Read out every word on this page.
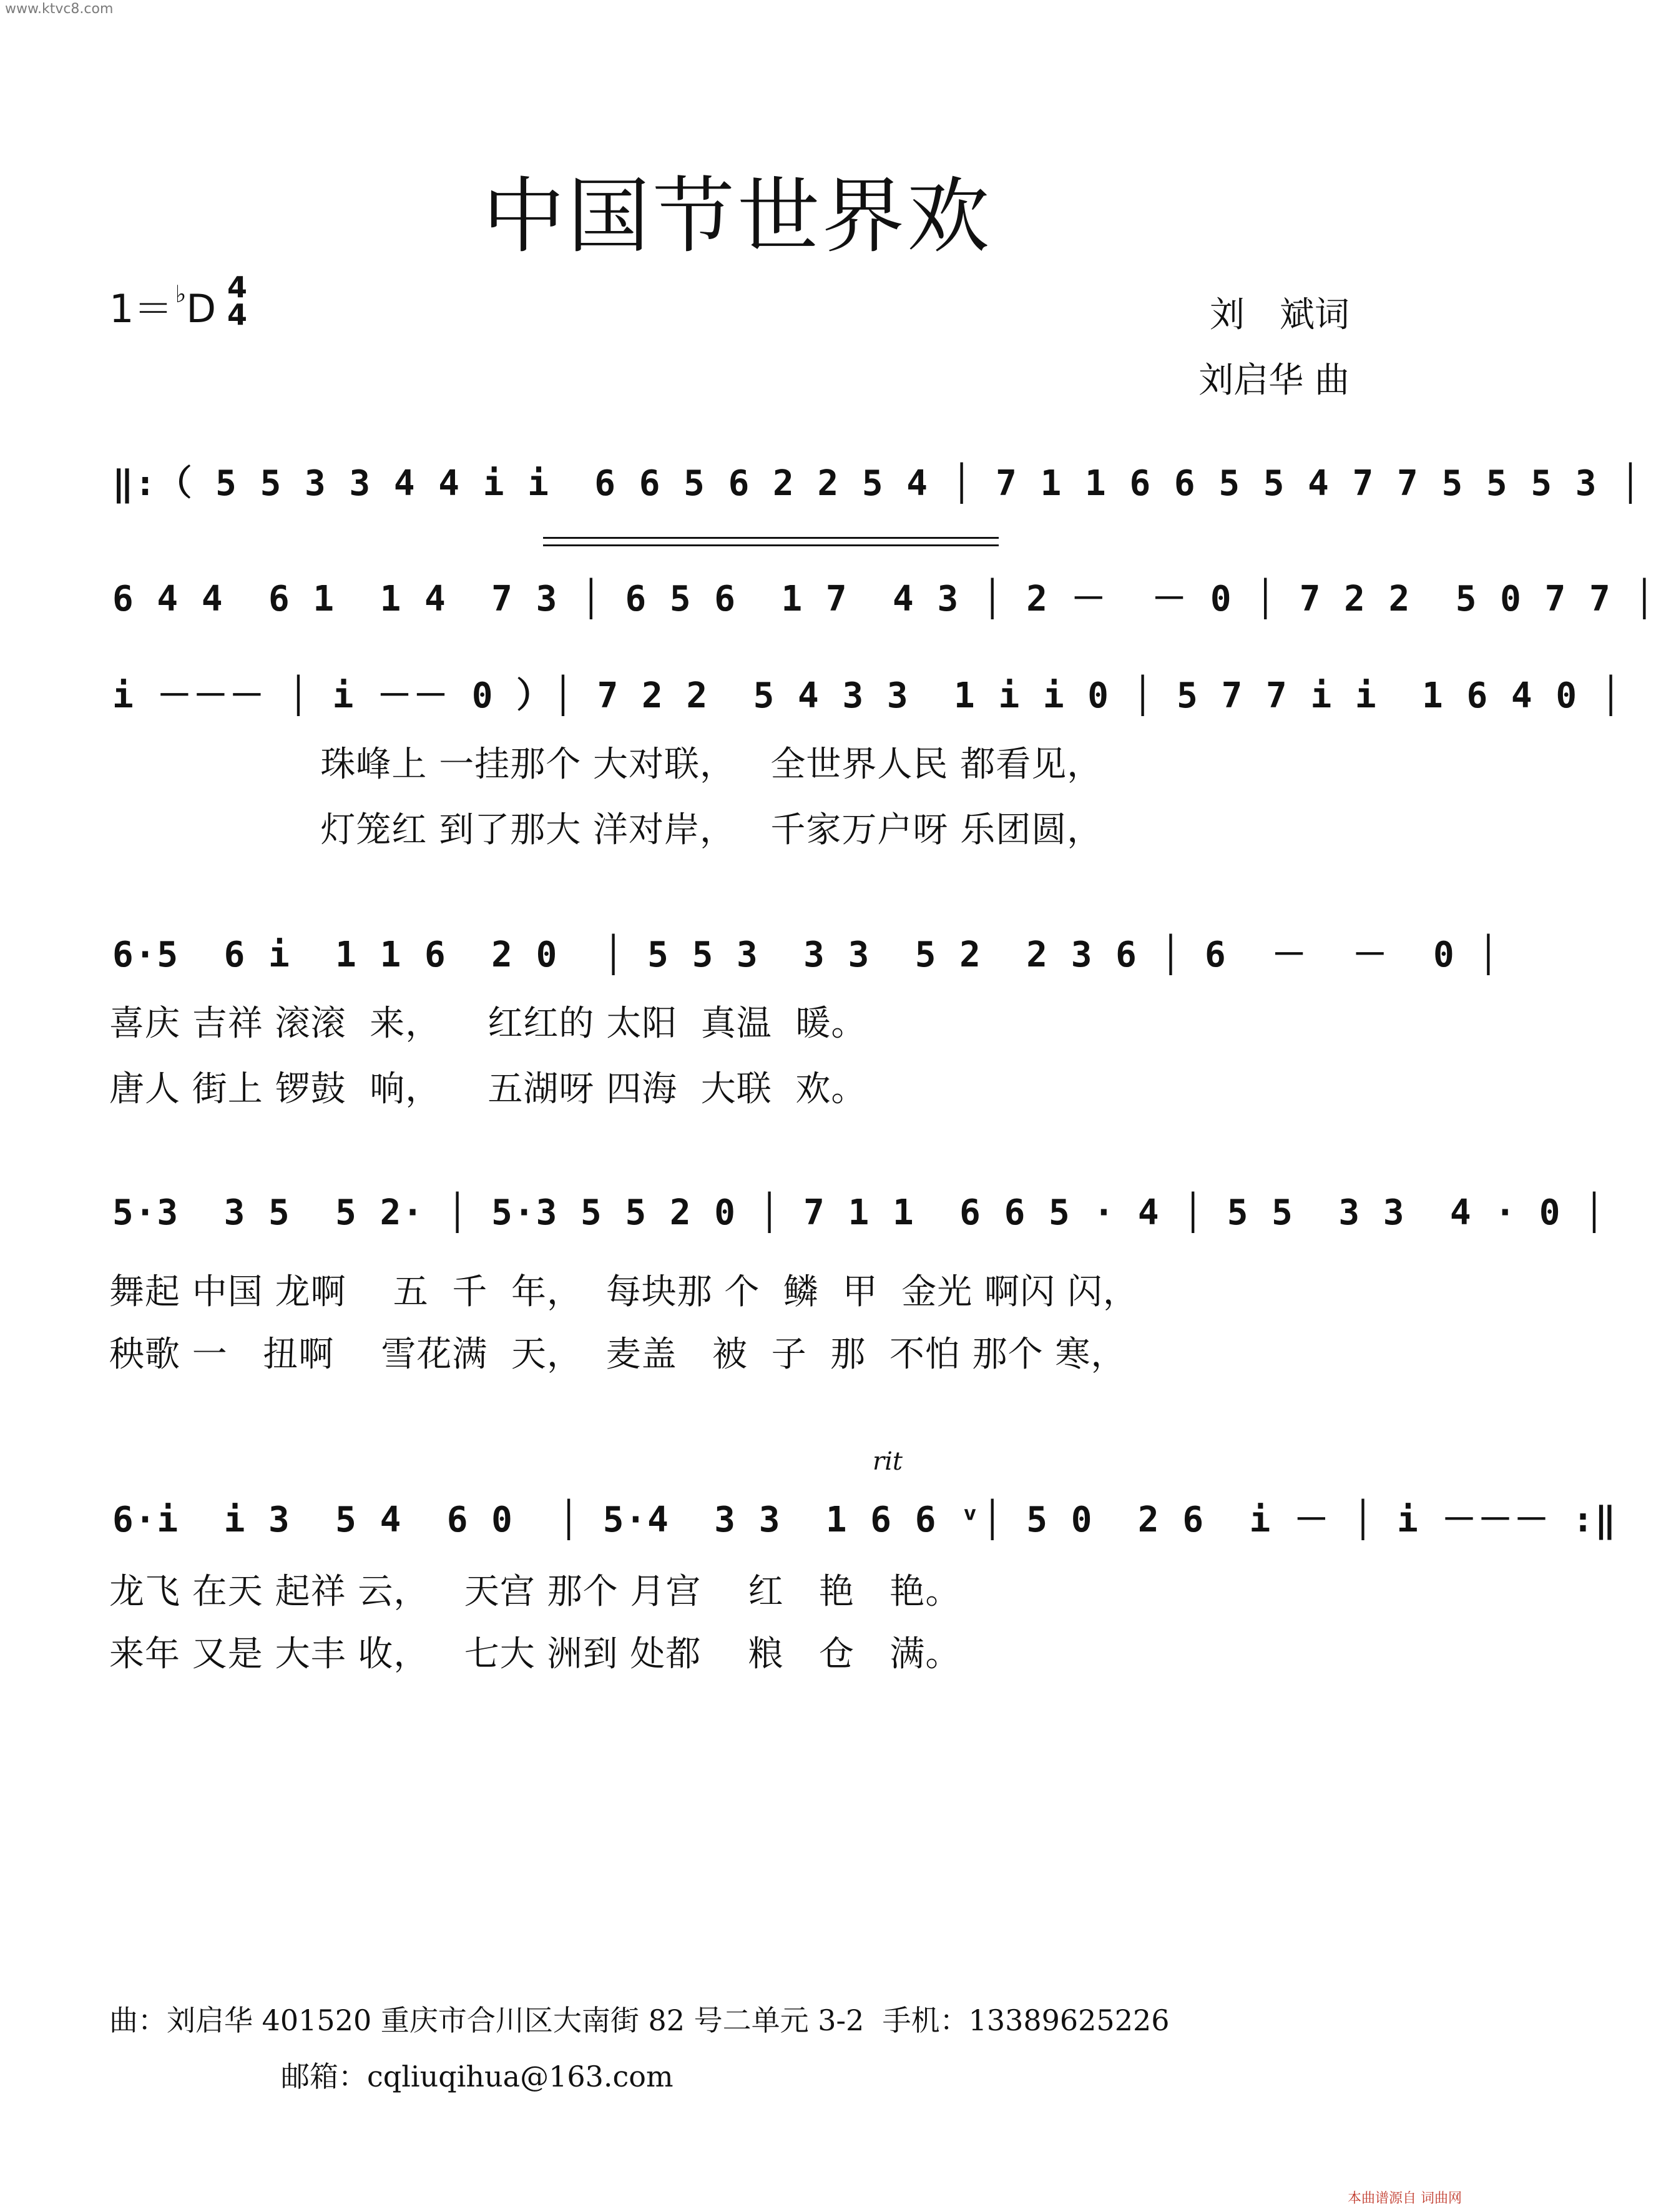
www.ktvc8.com
中国节世界欢
1＝ ♭D 4
4	刘　斌词
刘启华 曲
‖:（ 5 5 3 3 4 4 i i  6 6 5 6 2 2 5 4 │ 7 1 1 6 6 5 5 4 7 7 5 5 5 3 │
6 4 4  6 1  1 4  7 3 │ 6 5 6  1 7  4 3 │ 2 －  － 0 │ 7 2 2  5 0 7 7 │
i －－－ │ i －－ 0 ）│ 7 2 2  5 4 3 3  1 i i 0 │ 5 7 7 i i  1 6 4 0 │
珠峰上 一挂那个 大对联，   全世界人民 都看见，
灯笼红 到了那大 洋对岸，   千家万户呀 乐团圆，
6·5  6 i  1 1 6  2 0  │ 5 5 3  3 3  5 2  2 3 6 │ 6  －  －  0 │
喜庆 吉祥 滚滚  来，    红红的 太阳  真温  暖。
唐人 街上 锣鼓  响，    五湖呀 四海  大联  欢。
5·3  3 5  5 2· │ 5·3 5 5 2 0 │ 7 1 1  6 6 5 · 4 │ 5 5  3 3  4 · 0 │
舞起 中国 龙啊    五  千  年，  每块那 个  鳞  甲  金光 啊闪 闪，
秧歌 一   扭啊    雪花满  天，  麦盖   被  子  那  不怕 那个 寒，
rit
6·i  i 3  5 4  6 0  │ 5·4  3 3  1 6 6 ᵛ│ 5 0  2 6  i － │ i －－－ :‖
龙飞 在天 起祥 云，   天宫 那个 月宫    红   艳   艳。
来年 又是 大丰 收，   七大 洲到 处都    粮   仓   满。
曲：刘启华 401520 重庆市合川区大南街 82 号二单元 3-2  手机：13389625226
邮箱：cqliuqihua@163.com
本曲谱源自 词曲网
